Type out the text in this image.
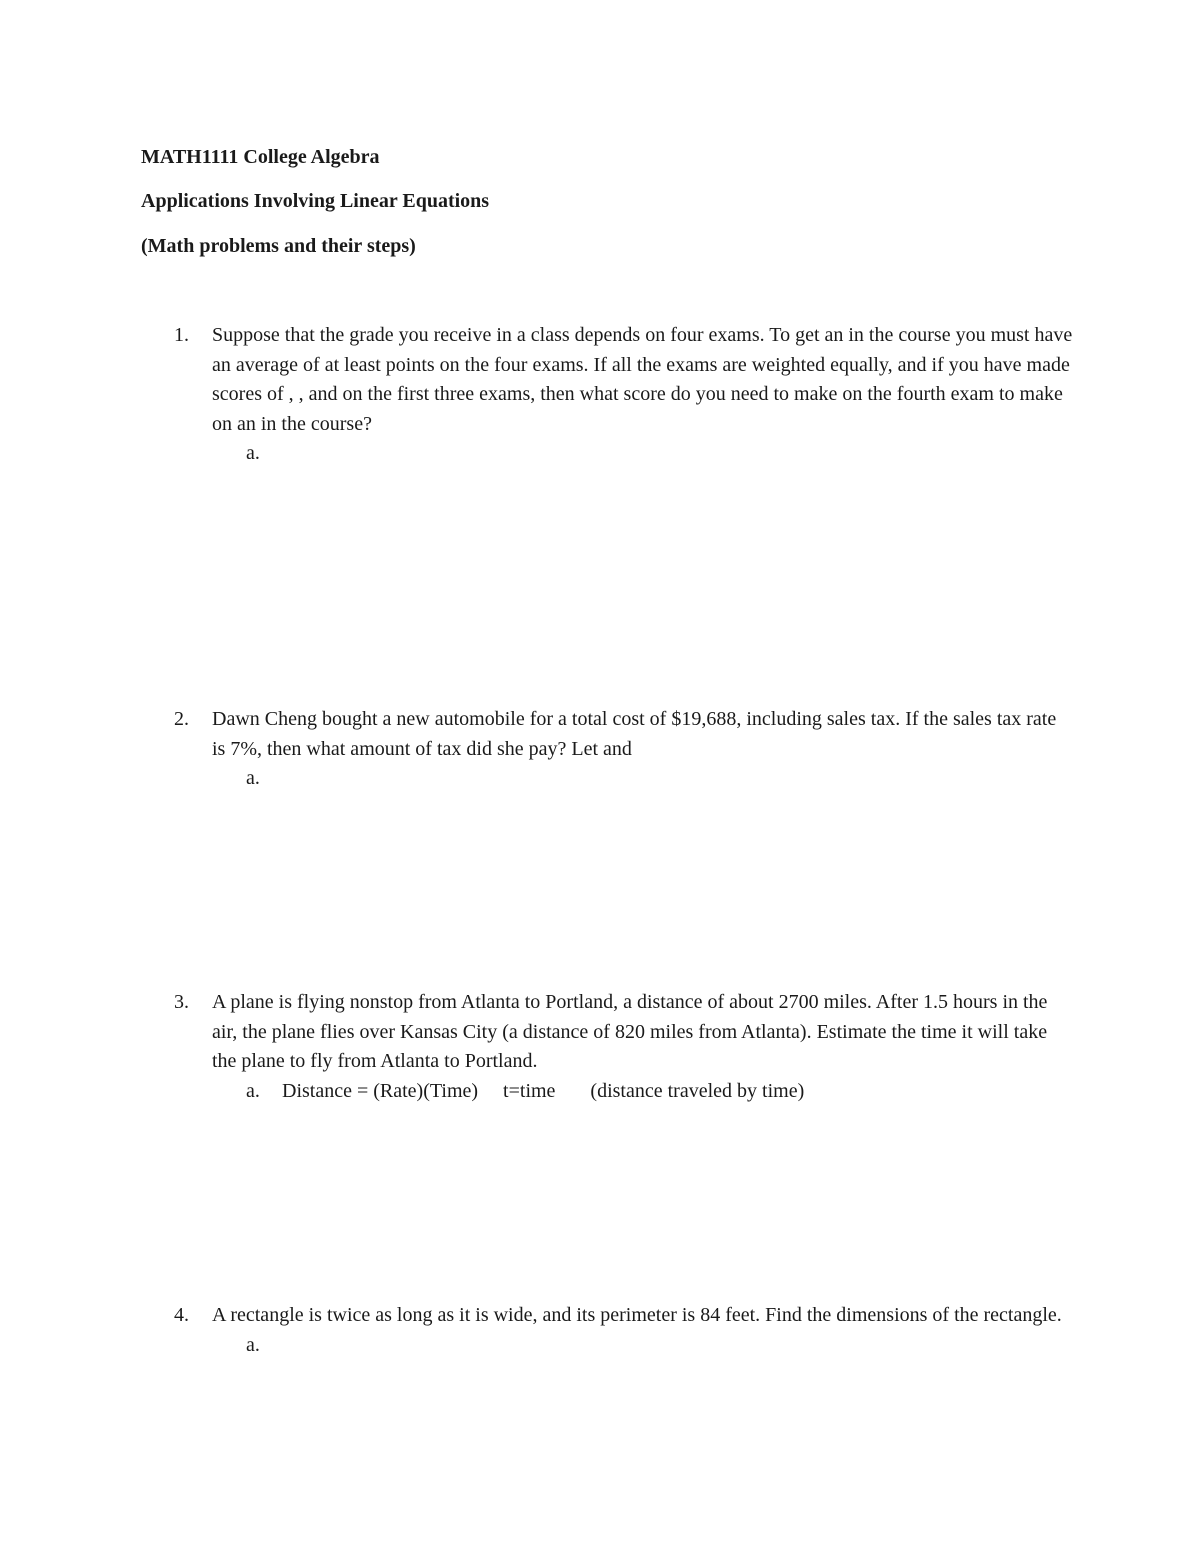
MATH1111 College Algebra
Applications Involving Linear Equations
(Math problems and their steps)
1. Suppose that the grade you receive in a class depends on four exams. To get an in the course you must have an average of at least points on the four exams. If all the exams are weighted equally, and if you have made scores of , , and on the first three exams, then what score do you need to make on the fourth exam to make on an in the course?
a.
2. Dawn Cheng bought a new automobile for a total cost of $19,688, including sales tax. If the sales tax rate is 7%, then what amount of tax did she pay? Let and
a.
3. A plane is flying nonstop from Atlanta to Portland, a distance of about 2700 miles. After 1.5 hours in the air, the plane flies over Kansas City (a distance of 820 miles from Atlanta). Estimate the time it will take the plane to fly from Atlanta to Portland.
a. Distance = (Rate)(Time)     t=time       (distance traveled by time)
4. A rectangle is twice as long as it is wide, and its perimeter is 84 feet. Find the dimensions of the rectangle.
a.
